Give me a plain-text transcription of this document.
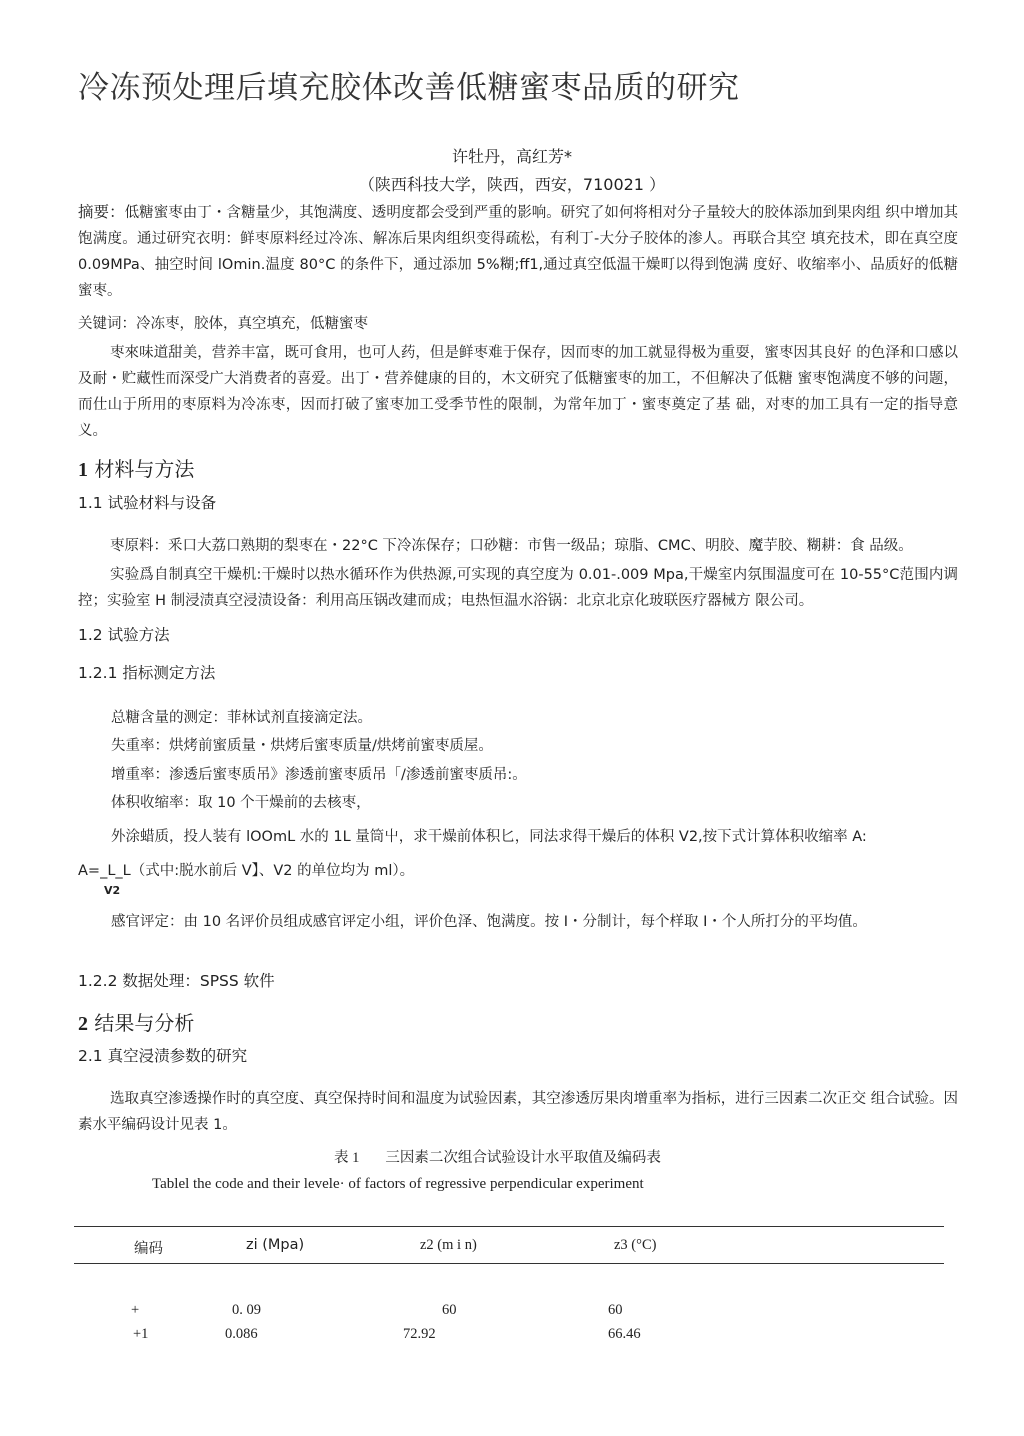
冷冻预处理后填充胶体改善低糖蜜枣品质的研究
许牡丹，高红芳*
（陕西科技大学，陕西，西安，710021 ）
摘要：低糖蜜枣由丁・含糖量少，其饱满度、透明度都会受到严重的影响。研究了如何将相对分子量较大的胶体添加到果肉组 织中增加其饱满度。通过研究衣明：鲜枣原料经过冷冻、解冻后果肉组织变得疏松，有利丁-大分子胶体的渗人。再联合其空 填充技术，即在真空度 0.09MPa、抽空时间 lOmin.温度 80°C 的条件下，通过添加 5%糊;ff1,通过真空低温干燥町以得到饱满 度好、收缩率小、品质好的低糖蜜枣。
关键词：冷冻枣，胶体，真空填充，低糖蜜枣
枣來味道甜美，营养丰富，既可食用，也可人药，但是鲜枣难于保存，因而枣的加工就显得极为重耍，蜜枣因其良好 的色泽和口感以及耐・贮藏性而深受广大消费者的喜爱。出丁・营养健康的目的，木文研究了低糖蜜枣的加工，不但解决了低糖 蜜枣饱满度不够的问题，而仕山于所用的枣原料为冷冻枣，因而打破了蜜枣加工受季节性的限制，为常年加丁・蜜枣奠定了基 础，对枣的加工具有一定的指导意义。
1 材料与方法
1.1 试验材料与设备
枣原料：釆口大荔口熟期的梨枣在・22°C 下冷冻保存；口砂糖：市售一级品；琼脂、CMC、明胶、魔芋胶、糊耕：食 品级。
实验爲自制真空干燥机:干燥时以热水循环作为供热源,可实现的真空度为 0.01-.009 Mpa,干燥室内氛围温度可在 10-55°C范围内调控；实验室 H 制浸渍真空浸渍设备：利用高压锅改建而成；电热恒温水浴锅：北京北京化玻联医疗器械方 限公司。
1.2 试验方法
1.2.1 指标测定方法
总糖含量的测定：菲林试剂直接滴定法。
失重率：烘烤前蜜质量・烘烤后蜜枣质量/烘烤前蜜枣质屋。
增重率：渗透后蜜枣质吊》渗透前蜜枣质吊「/渗透前蜜枣质吊:。
体积收缩率：取 10 个干燥前的去核枣，
外涂蜡质，投人装有 lOOmL 水的 1L 量筒屮，求干燥前体积匕，同法求得干燥后的体积 V2,按下式计算体积收缩率 A:
A=_L_L（式中:脱水前后 V】、V2 的单位均为 ml）。
V2
感官评定：由 10 名评价员组成感官评定小组，评价色泽、饱满度。按 I・分制计，每个样取 I・个人所打分的平均值。
1.2.2 数据处理：SPSS 软件
2 结果与分析
2.1 真空浸渍参数的研究
选取真空渗透操作时的真空度、真空保持时间和温度为试验因素，其空渗透厉果肉增重率为指标，进行三因素二次正交 组合试验。因素水平编码设计见表 1。
表 1 三因素二次组合试验设计水平取值及编码表
Tablel the code and their levele· of factors of regressive perpendicular experiment
编码	zi (Mpa)	z2 (m i n)	z3 (°C)
+	0. 09	60	60
+1	0.086	72.92	66.46
